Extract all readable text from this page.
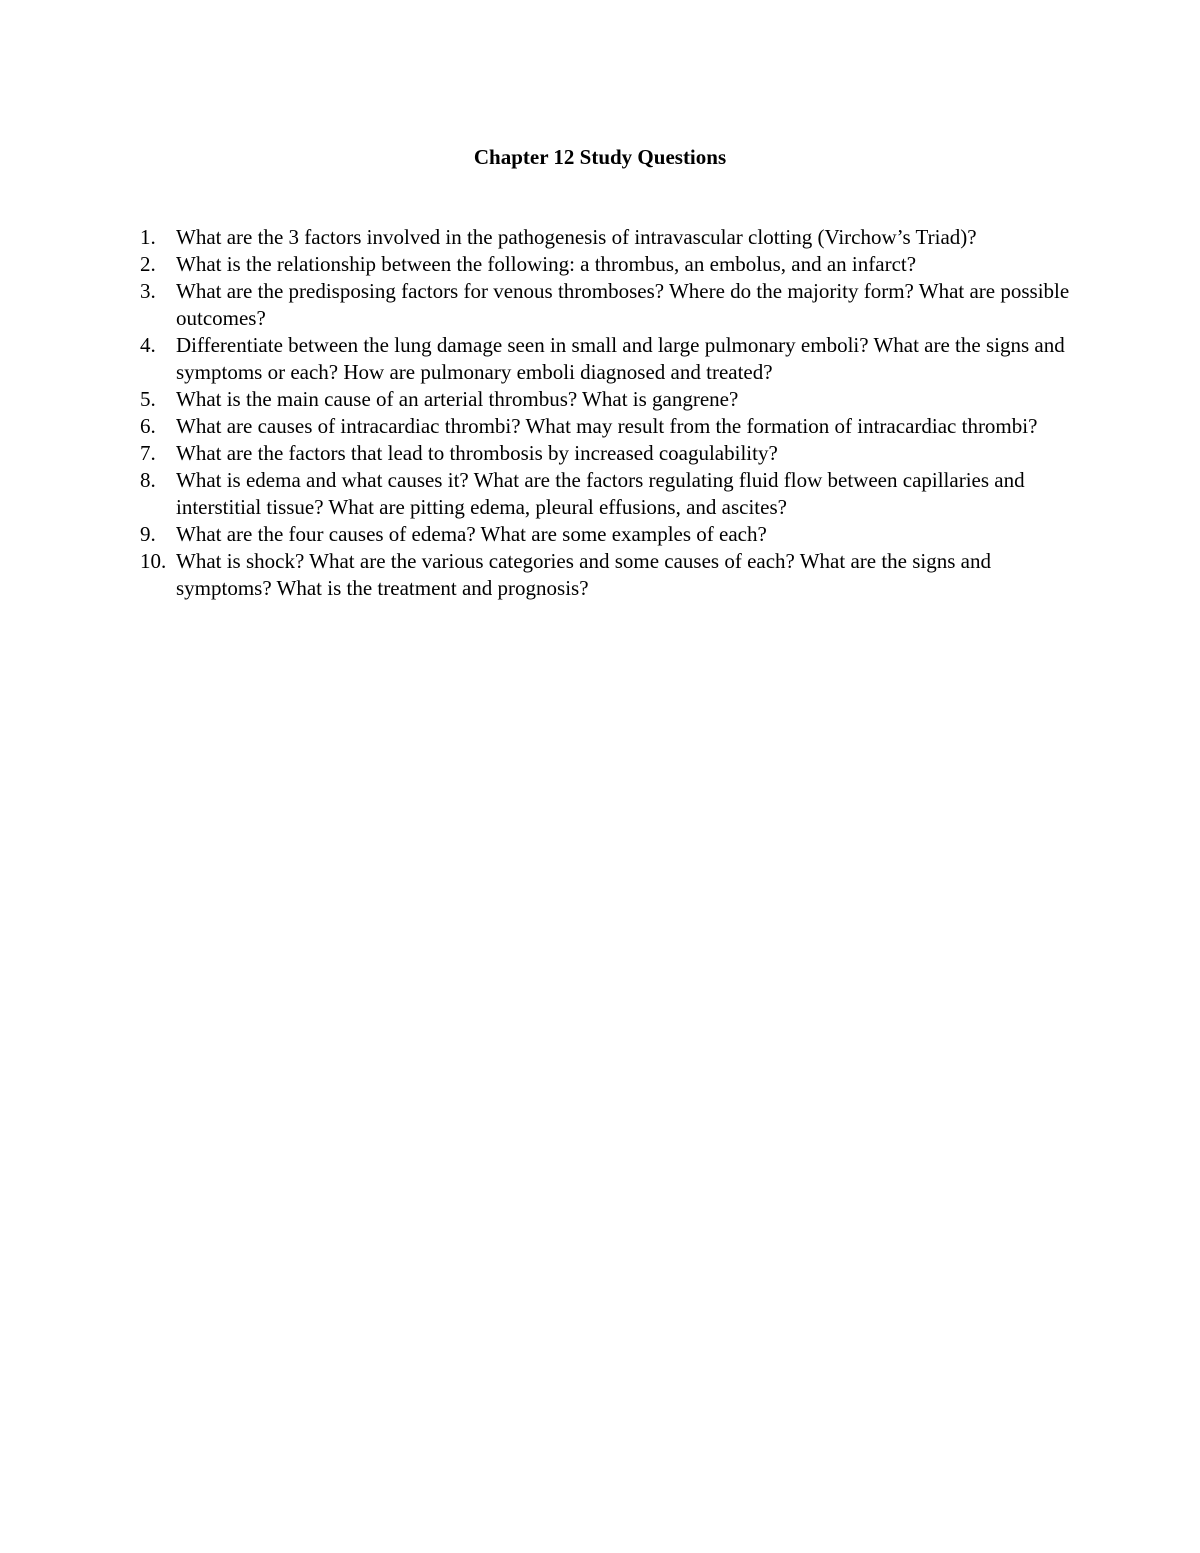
Chapter 12 Study Questions
1. What are the 3 factors involved in the pathogenesis of intravascular clotting (Virchow’s Triad)?
2. What is the relationship between the following: a thrombus, an embolus, and an infarct?
3. What are the predisposing factors for venous thromboses? Where do the majority form? What are possible outcomes?
4. Differentiate between the lung damage seen in small and large pulmonary emboli? What are the signs and symptoms or each? How are pulmonary emboli diagnosed and treated?
5. What is the main cause of an arterial thrombus? What is gangrene?
6. What are causes of intracardiac thrombi? What may result from the formation of intracardiac thrombi?
7. What are the factors that lead to thrombosis by increased coagulability?
8. What is edema and what causes it? What are the factors regulating fluid flow between capillaries and interstitial tissue? What are pitting edema, pleural effusions, and ascites?
9. What are the four causes of edema? What are some examples of each?
10. What is shock? What are the various categories and some causes of each? What are the signs and symptoms? What is the treatment and prognosis?
